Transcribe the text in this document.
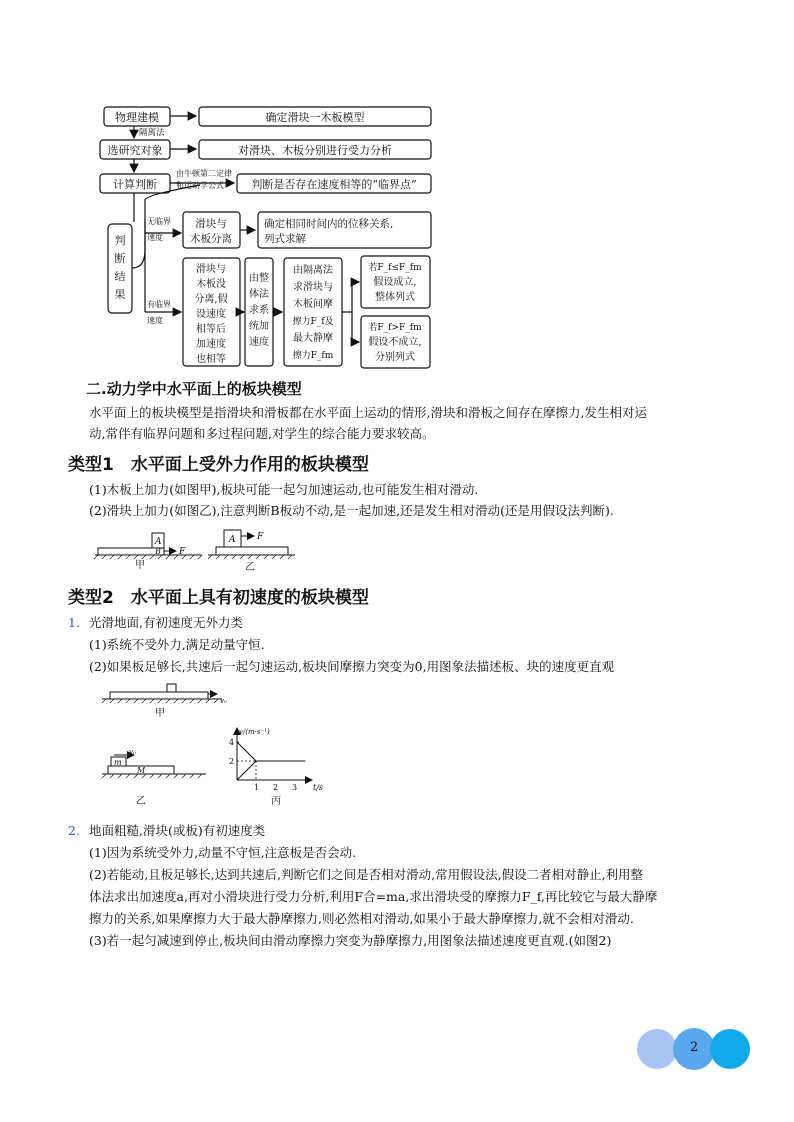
物理建模	确定滑块一木板模型
隔离法
选研究对象	对滑块、木板分别进行受力分析
由牛顿第二定律
和运动学公式
计算判断	判断是否存在速度相等的“临界点”
判
断
结
果
无临界
速度
有临界
速度
滑块与
木板分离
确定相同时间内的位移关系,
列式求解
滑块与
木板没
分离,假
设速度
相等后
加速度
也相等
由整
体法
求系
统加
速度
由隔离法
求滑块与
木板间摩
擦力F_f及
最大静摩
擦力F_fm
若F_f≤F_fm
假设成立,
整体列式
若F_f>F_fm
假设不成立,
分别列式
二.动力学中水平面上的板块模型
水平面上的板块模型是指滑块和滑板都在水平面上运动的情形,滑块和滑板之间存在摩擦力,发生相对运
动,常伴有临界问题和多过程问题,对学生的综合能力要求较高。
类型1　水平面上受外力作用的板块模型
(1)木板上加力(如图甲),板块可能一起匀加速运动,也可能发生相对滑动.
(2)滑块上加力(如图乙),注意判断B板动不动,是一起加速,还是发生相对滑动(还是用假设法判断).
A
B F
甲
A F
乙
类型2　水平面上具有初速度的板块模型
1. 光滑地面,有初速度无外力类
(1)系统不受外力,满足动量守恒.
(2)如果板足够长,共速后一起匀速运动,板块间摩擦力突变为0,用图象法描述板、块的速度更直观
v₀
甲
v₀
m
M
乙
v/(m·s⁻¹)
t/s
4
2
1 2 3
丙
2. 地面粗糙,滑块(或板)有初速度类
(1)因为系统受外力,动量不守恒,注意板是否会动.
(2)若能动,且板足够长,达到共速后,判断它们之间是否相对滑动,常用假设法,假设二者相对静止,利用整
体法求出加速度a,再对小滑块进行受力分析,利用F合=ma,求出滑块受的摩擦力F_f,再比较它与最大静摩
擦力的关系,如果摩擦力大于最大静摩擦力,则必然相对滑动,如果小于最大静摩擦力,就不会相对滑动.
(3)若一起匀减速到停止,板块间由滑动摩擦力突变为静摩擦力,用图象法描述速度更直观.(如图2)
2
